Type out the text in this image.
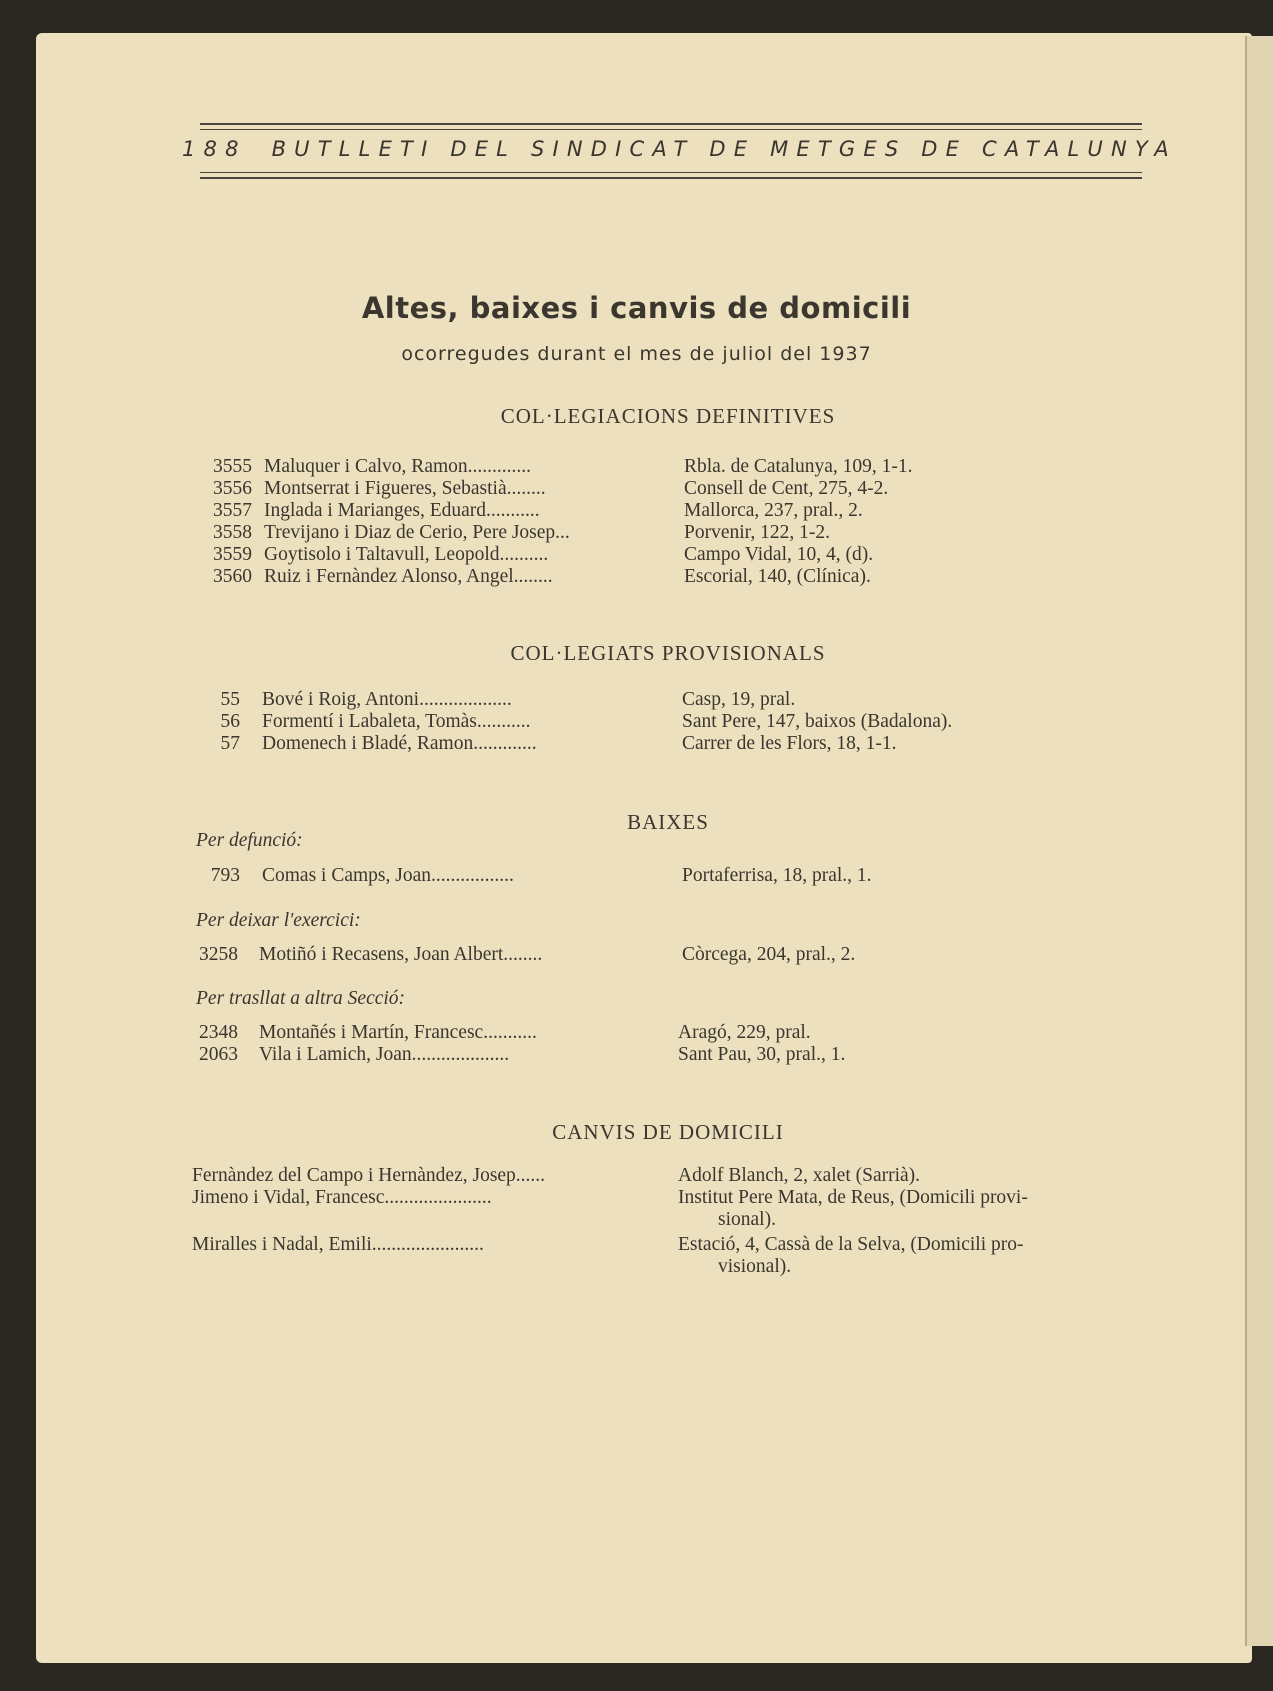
188 BUTLLETI DEL SINDICAT DE METGES DE CATALUNYA
Altes, baixes i canvis de domicili
ocorregudes durant el mes de juliol del 1937
COL·LEGIACIONS DEFINITIVES
3555 Maluquer i Calvo, Ramon.............	Rbla. de Catalunya, 109, 1-1.
3556 Montserrat i Figueres, Sebastià........	Consell de Cent, 275, 4-2.
3557 Inglada i Marianges, Eduard...........	Mallorca, 237, pral., 2.
3558 Trevijano i Diaz de Cerio, Pere Josep...	Porvenir, 122, 1-2.
3559 Goytisolo i Taltavull, Leopold..........	Campo Vidal, 10, 4, (d).
3560 Ruiz i Fernàndez Alonso, Angel........	Escorial, 140, (Clínica).
COL·LEGIATS PROVISIONALS
55 Bové i Roig, Antoni...................	Casp, 19, pral.
56 Formentí i Labaleta, Tomàs...........	Sant Pere, 147, baixos (Badalona).
57 Domenech i Bladé, Ramon.............	Carrer de les Flors, 18, 1-1.
BAIXES
Per defunció:
793 Comas i Camps, Joan.................	Portaferrisa, 18, pral., 1.
Per deixar l'exercici:
3258 Motiñó i Recasens, Joan Albert........	Còrcega, 204, pral., 2.
Per trasllat a altra Secció:
2348 Montañés i Martín, Francesc...........	Aragó, 229, pral.
2063 Vila i Lamich, Joan....................	Sant Pau, 30, pral., 1.
CANVIS DE DOMICILI
Fernàndez del Campo i Hernàndez, Josep......	Adolf Blanch, 2, xalet (Sarrià).
Jimeno i Vidal, Francesc......................	Institut Pere Mata, de Reus, (Domicili provi-
sional).
Miralles i Nadal, Emili.......................	Estació, 4, Cassà de la Selva, (Domicili pro-
visional).
